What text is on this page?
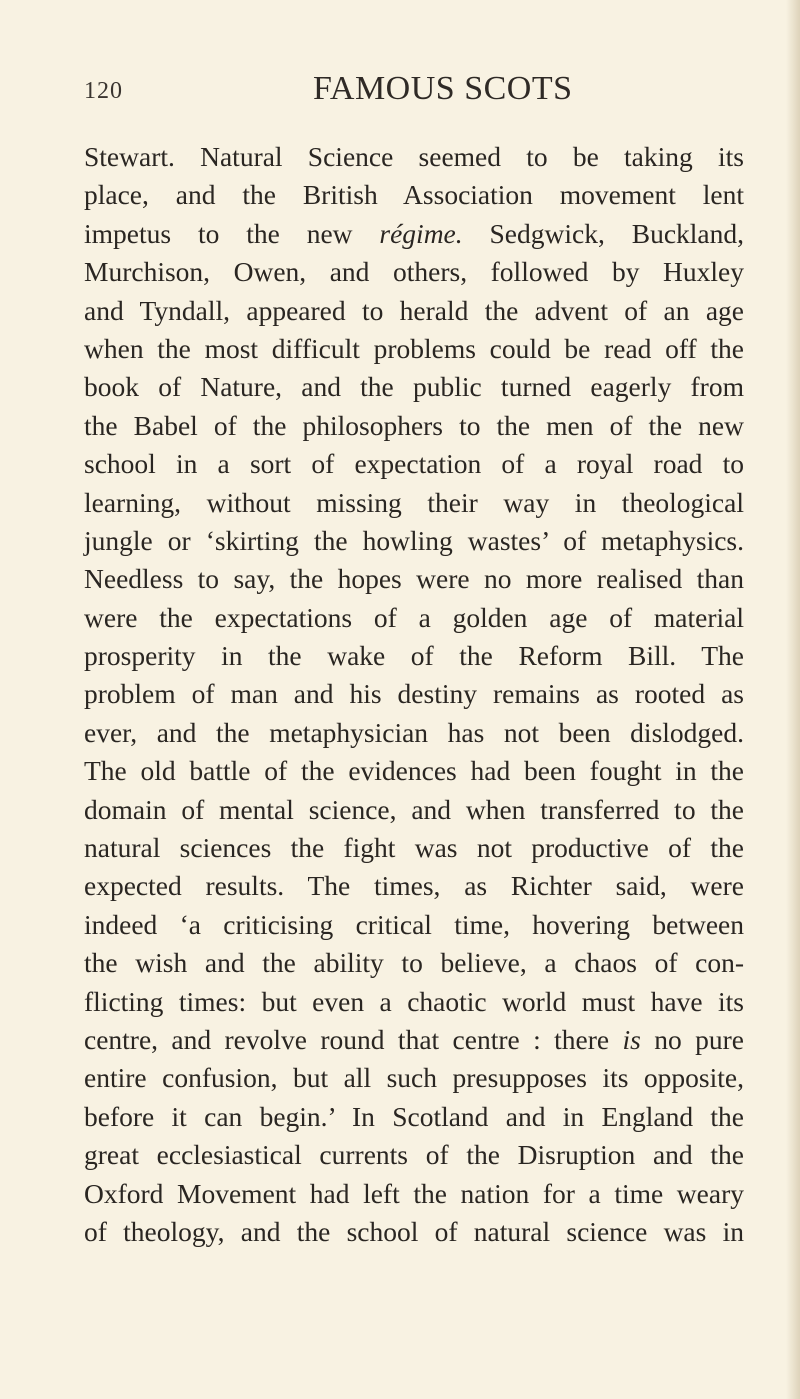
120	FAMOUS SCOTS
Stewart. Natural Science seemed to be taking its
place, and the British Association movement lent
impetus to the new régime. Sedgwick, Buckland,
Murchison, Owen, and others, followed by Huxley
and Tyndall, appeared to herald the advent of an age
when the most difficult problems could be read off the
book of Nature, and the public turned eagerly from
the Babel of the philosophers to the men of the new
school in a sort of expectation of a royal road to
learning, without missing their way in theological
jungle or ‘skirting the howling wastes’ of metaphysics.
Needless to say, the hopes were no more realised than
were the expectations of a golden age of material
prosperity in the wake of the Reform Bill. The
problem of man and his destiny remains as rooted as
ever, and the metaphysician has not been dislodged.
The old battle of the evidences had been fought in the
domain of mental science, and when transferred to the
natural sciences the fight was not productive of the
expected results. The times, as Richter said, were
indeed ‘a criticising critical time, hovering between
the wish and the ability to believe, a chaos of con-
flicting times: but even a chaotic world must have its
centre, and revolve round that centre : there is no pure
entire confusion, but all such presupposes its opposite,
before it can begin.’ In Scotland and in England the
great ecclesiastical currents of the Disruption and the
Oxford Movement had left the nation for a time weary
of theology, and the school of natural science was in
